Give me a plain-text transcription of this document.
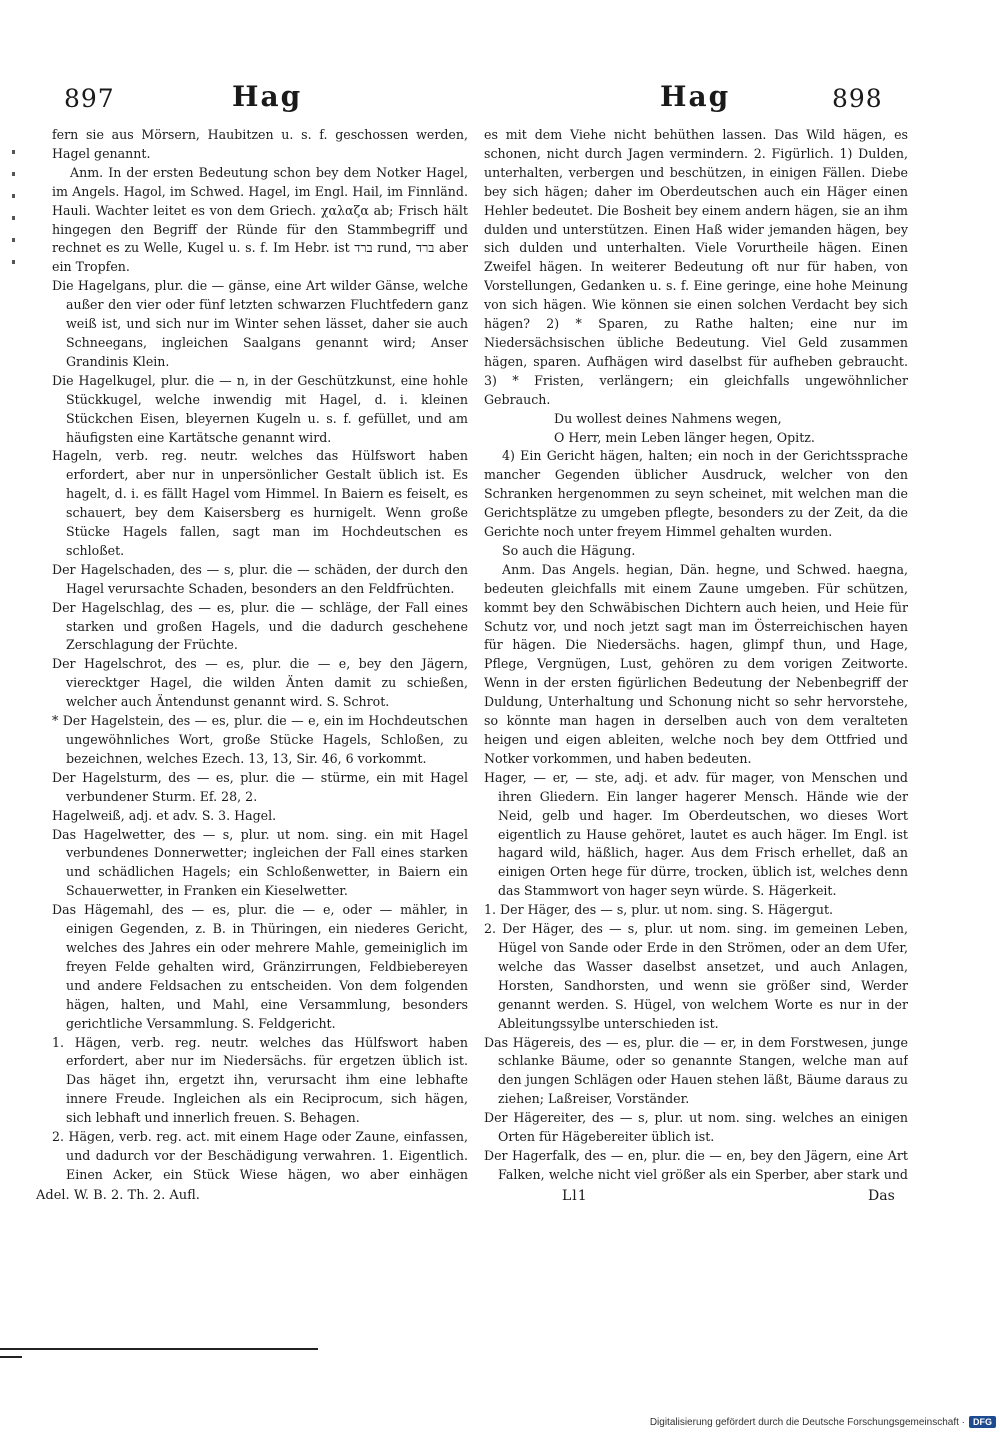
897	Hag	Hag	898

fern sie aus Mörsern, Haubitzen u. s. f. geschossen werden, Hagel genannt.

Anm. In der ersten Bedeutung schon bey dem Notker Hagel, im Angels. Hagol, im Schwed. Hagel, im Engl. Hail, im Finnländ. Hauli. Wachter leitet es von dem Griech. χαλαζα ab; Frisch hält hingegen den Begriff der Ründe für den Stammbegriff und rechnet es zu Welle, Kugel u. s. f. Im Hebr. ist ברד rund, ברד aber ein Tropfen.

Die Hagelgans, plur. die — gänse, eine Art wilder Gänse, welche außer den vier oder fünf letzten schwarzen Fluchtfedern ganz weiß ist, und sich nur im Winter sehen lässet, daher sie auch Schneegans, ingleichen Saalgans genannt wird; Anser Grandinis Klein.

Die Hagelkugel, plur. die — n, in der Geschützkunst, eine hohle Stückkugel, welche inwendig mit Hagel, d. i. kleinen Stückchen Eisen, bleyernen Kugeln u. s. f. gefüllet, und am häufigsten eine Kartätsche genannt wird.

Hageln, verb. reg. neutr. welches das Hülfswort haben erfordert, aber nur in unpersönlicher Gestalt üblich ist. Es hagelt, d. i. es fällt Hagel vom Himmel. In Baiern es feiselt, es schauert, bey dem Kaisersberg es hurnigelt. Wenn große Stücke Hagels fallen, sagt man im Hochdeutschen es schloßet.

Der Hagelschaden, des — s, plur. die — schäden, der durch den Hagel verursachte Schaden, besonders an den Feldfrüchten.

Der Hagelschlag, des — es, plur. die — schläge, der Fall eines starken und großen Hagels, und die dadurch geschehene Zerschlagung der Früchte.

Der Hagelschrot, des — es, plur. die — e, bey den Jägern, vierecktger Hagel, die wilden Änten damit zu schießen, welcher auch Äntendunst genannt wird. S. Schrot.

* Der Hagelstein, des — es, plur. die — e, ein im Hochdeutschen ungewöhnliches Wort, große Stücke Hagels, Schloßen, zu bezeichnen, welches Ezech. 13, 13, Sir. 46, 6 vorkommt.

Der Hagelsturm, des — es, plur. die — stürme, ein mit Hagel verbundener Sturm. Ef. 28, 2.

Hagelweiß, adj. et adv. S. 3. Hagel.

Das Hagelwetter, des — s, plur. ut nom. sing. ein mit Hagel verbundenes Donnerwetter; ingleichen der Fall eines starken und schädlichen Hagels; ein Schloßenwetter, in Baiern ein Schauerwetter, in Franken ein Kieselwetter.

Das Hägemahl, des — es, plur. die — e, oder — mähler, in einigen Gegenden, z. B. in Thüringen, ein niederes Gericht, welches des Jahres ein oder mehrere Mahle, gemeiniglich im freyen Felde gehalten wird, Gränzirrungen, Feldbiebereyen und andere Feldsachen zu entscheiden. Von dem folgenden hägen, halten, und Mahl, eine Versammlung, besonders gerichtliche Versammlung. S. Feldgericht.

1. Hägen, verb. reg. neutr. welches das Hülfswort haben erfordert, aber nur im Niedersächs. für ergetzen üblich ist. Das häget ihn, ergetzt ihn, verursacht ihm eine lebhafte innere Freude. Ingleichen als ein Reciprocum, sich hägen, sich lebhaft und innerlich freuen. S. Behagen.

2. Hägen, verb. reg. act. mit einem Hage oder Zaune, einfassen, und dadurch vor der Beschädigung verwahren. 1. Eigentlich. Einen Acker, ein Stück Wiese hägen, wo aber einhägen

es mit dem Viehe nicht behüthen lassen. Das Wild hägen, es schonen, nicht durch Jagen vermindern. 2. Figürlich. 1) Dulden, unterhalten, verbergen und beschützen, in einigen Fällen. Diebe bey sich hägen; daher im Oberdeutschen auch ein Häger einen Hehler bedeutet. Die Bosheit bey einem andern hägen, sie an ihm dulden und unterstützen. Einen Haß wider jemanden hägen, bey sich dulden und unterhalten. Viele Vorurtheile hägen. Einen Zweifel hägen. In weiterer Bedeutung oft nur für haben, von Vorstellungen, Gedanken u. s. f. Eine geringe, eine hohe Meinung von sich hägen. Wie können sie einen solchen Verdacht bey sich hägen? 2) * Sparen, zu Rathe halten; eine nur im Niedersächsischen übliche Bedeutung. Viel Geld zusammen hägen, sparen. Aufhägen wird daselbst für aufheben gebraucht. 3) * Fristen, verlängern; ein gleichfalls ungewöhnlicher Gebrauch.

Du wollest deines Nahmens wegen,

O Herr, mein Leben länger hegen, Opitz.

4) Ein Gericht hägen, halten; ein noch in der Gerichtssprache mancher Gegenden üblicher Ausdruck, welcher von den Schranken hergenommen zu seyn scheinet, mit welchen man die Gerichtsplätze zu umgeben pflegte, besonders zu der Zeit, da die Gerichte noch unter freyem Himmel gehalten wurden.

So auch die Hägung.

Anm. Das Angels. hegian, Dän. hegne, und Schwed. haegna, bedeuten gleichfalls mit einem Zaune umgeben. Für schützen, kommt bey den Schwäbischen Dichtern auch heien, und Heie für Schutz vor, und noch jetzt sagt man im Österreichischen hayen für hägen. Die Niedersächs. hagen, glimpf thun, und Hage, Pflege, Vergnügen, Lust, gehören zu dem vorigen Zeitworte. Wenn in der ersten figürlichen Bedeutung der Nebenbegriff der Duldung, Unterhaltung und Schonung nicht so sehr hervorstehe, so könnte man hagen in derselben auch von dem veralteten heigen und eigen ableiten, welche noch bey dem Ottfried und Notker vorkommen, und haben bedeuten.

Hager, — er, — ste, adj. et adv. für mager, von Menschen und ihren Gliedern. Ein langer hagerer Mensch. Hände wie der Neid, gelb und hager. Im Oberdeutschen, wo dieses Wort eigentlich zu Hause gehöret, lautet es auch häger. Im Engl. ist hagard wild, häßlich, hager. Aus dem Frisch erhellet, daß an einigen Orten hege für dürre, trocken, üblich ist, welches denn das Stammwort von hager seyn würde. S. Hägerkeit.

1. Der Häger, des — s, plur. ut nom. sing. S. Hägergut.

2. Der Häger, des — s, plur. ut nom. sing. im gemeinen Leben, Hügel von Sande oder Erde in den Strömen, oder an dem Ufer, welche das Wasser daselbst ansetzet, und auch Anlagen, Horsten, Sandhorsten, und wenn sie größer sind, Werder genannt werden. S. Hügel, von welchem Worte es nur in der Ableitungssylbe unterschieden ist.

Das Hägereis, des — es, plur. die — er, in dem Forstwesen, junge schlanke Bäume, oder so genannte Stangen, welche man auf den jungen Schlägen oder Hauen stehen läßt, Bäume daraus zu ziehen; Laßreiser, Vorständer.

Der Hägereiter, des — s, plur. ut nom. sing. welches an einigen Orten für Hägebereiter üblich ist.

Der Hagerfalk, des — en, plur. die — en, bey den Jägern, eine Art Falken, welche nicht viel größer als ein Sperber, aber stark und

Adel. W. B. 2. Th. 2. Aufl.	Ll1	Das
Digitalisierung gefördert durch die Deutsche Forschungsgemeinschaft · DFG
